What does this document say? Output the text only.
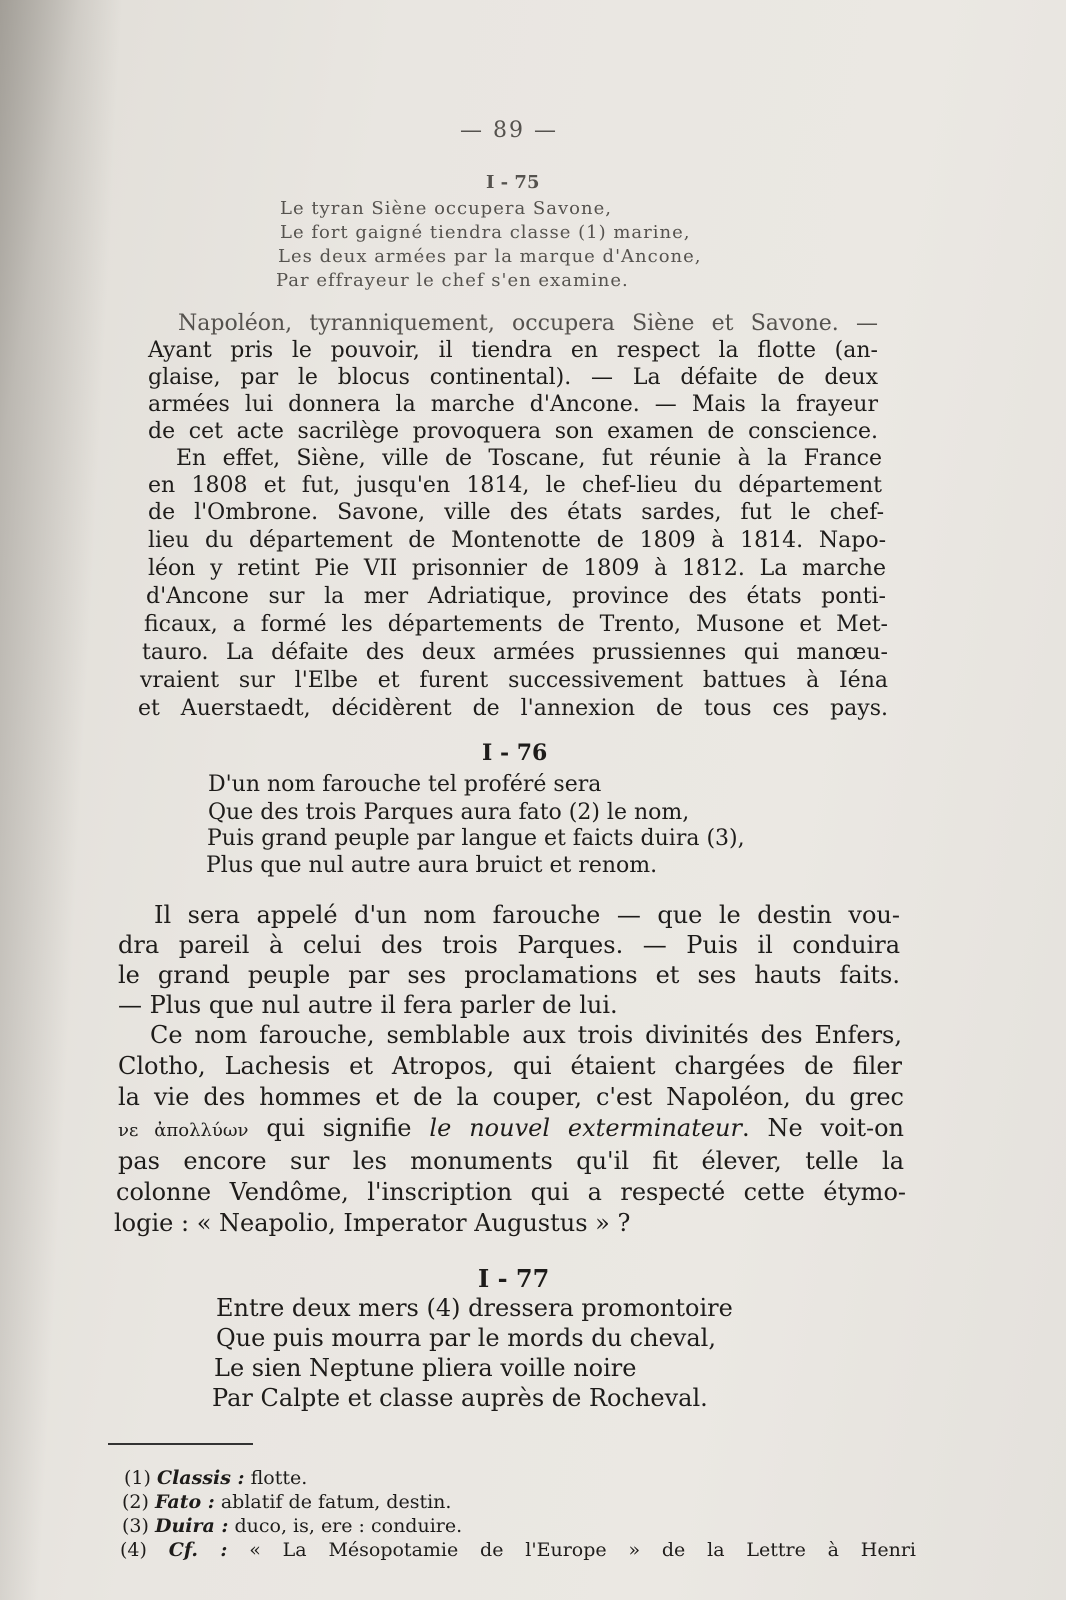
— 89 —
I - 75
Le tyran Siène occupera Savone,
Le fort gaigné tiendra classe (1) marine,
Les deux armées par la marque d'Ancone,
Par effrayeur le chef s'en examine.
Napoléon, tyranniquement, occupera Siène et Savone. —
Ayant pris le pouvoir, il tiendra en respect la flotte (an-
glaise, par le blocus continental). — La défaite de deux
armées lui donnera la marche d'Ancone. — Mais la frayeur
de cet acte sacrilège provoquera son examen de conscience.
En effet, Siène, ville de Toscane, fut réunie à la France
en 1808 et fut, jusqu'en 1814, le chef-lieu du département
de l'Ombrone. Savone, ville des états sardes, fut le chef-
lieu du département de Montenotte de 1809 à 1814. Napo-
léon y retint Pie VII prisonnier de 1809 à 1812. La marche
d'Ancone sur la mer Adriatique, province des états ponti-
ficaux, a formé les départements de Trento, Musone et Met-
tauro. La défaite des deux armées prussiennes qui manœu-
vraient sur l'Elbe et furent successivement battues à Iéna
et Auerstaedt, décidèrent de l'annexion de tous ces pays.
I - 76
D'un nom farouche tel proféré sera
Que des trois Parques aura fato (2) le nom,
Puis grand peuple par langue et faicts duira (3),
Plus que nul autre aura bruict et renom.
Il sera appelé d'un nom farouche — que le destin vou-
dra pareil à celui des trois Parques. — Puis il conduira
le grand peuple par ses proclamations et ses hauts faits.
— Plus que nul autre il fera parler de lui.
Ce nom farouche, semblable aux trois divinités des Enfers,
Clotho, Lachesis et Atropos, qui étaient chargées de filer
la vie des hommes et de la couper, c'est Napoléon, du grec
νε ἀπολλύων qui signifie le nouvel exterminateur. Ne voit-on
pas encore sur les monuments qu'il fit élever, telle la
colonne Vendôme, l'inscription qui a respecté cette étymo-
logie : « Neapolio, Imperator Augustus » ?
I - 77
Entre deux mers (4) dressera promontoire
Que puis mourra par le mords du cheval,
Le sien Neptune pliera voille noire
Par Calpte et classe auprès de Rocheval.
(1) Classis : flotte.
(2) Fato : ablatif de fatum, destin.
(3) Duira : duco, is, ere : conduire.
(4) Cf. : « La Mésopotamie de l'Europe » de la Lettre à Henri
